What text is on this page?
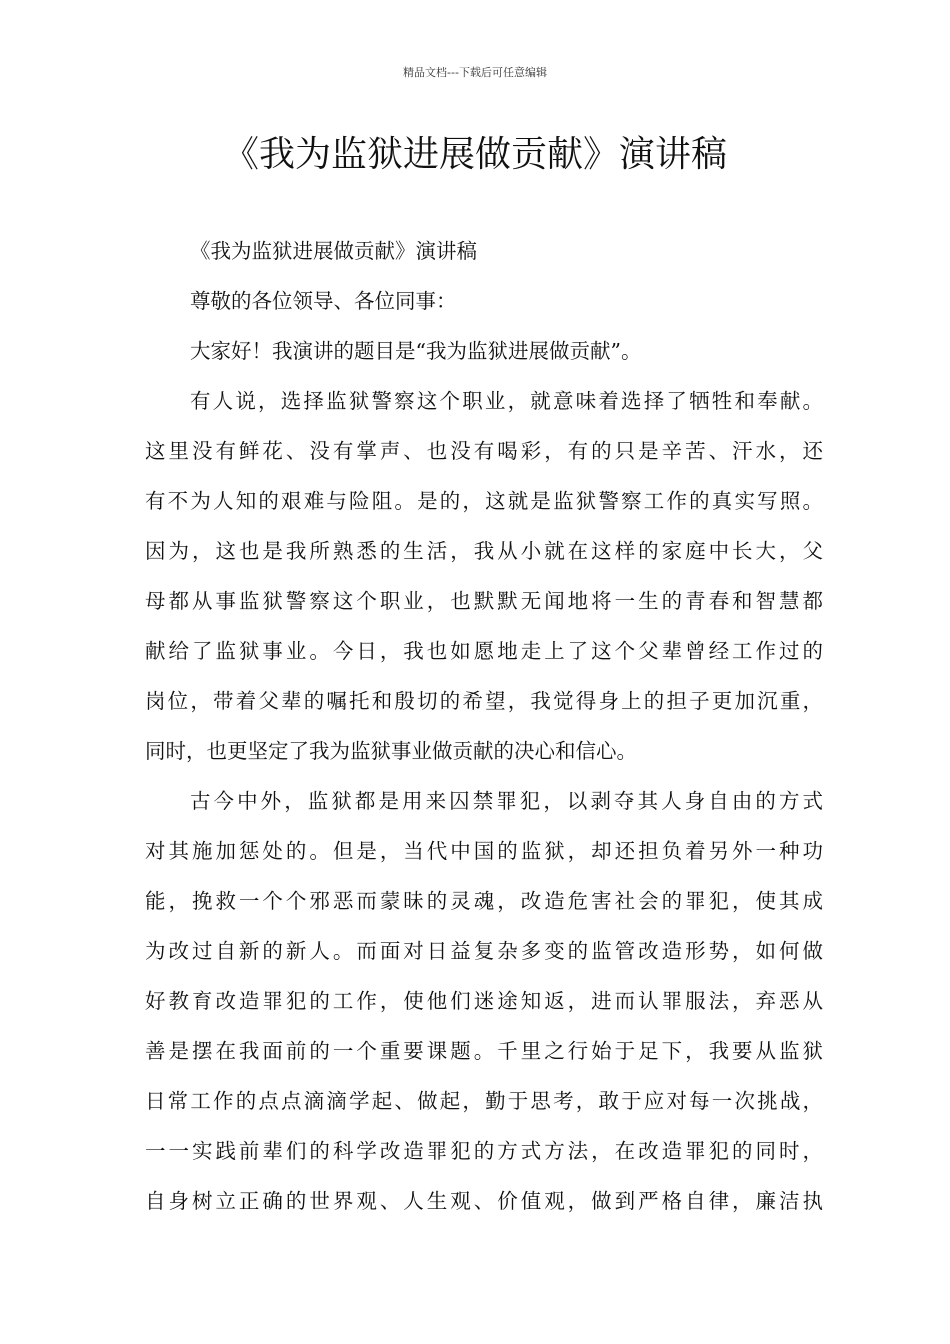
精品文档---下载后可任意编辑
《我为监狱进展做贡献》演讲稿
《我为监狱进展做贡献》演讲稿
尊敬的各位领导、各位同事：
大家好！我演讲的题目是“我为监狱进展做贡献”。
有人说，选择监狱警察这个职业，就意味着选择了牺牲和奉献。
这里没有鲜花、没有掌声、也没有喝彩，有的只是辛苦、汗水，还
有不为人知的艰难与险阻。是的，这就是监狱警察工作的真实写照。
因为，这也是我所熟悉的生活，我从小就在这样的家庭中长大，父
母都从事监狱警察这个职业，也默默无闻地将一生的青春和智慧都
献给了监狱事业。今日，我也如愿地走上了这个父辈曾经工作过的
岗位，带着父辈的嘱托和殷切的希望，我觉得身上的担子更加沉重，
同时，也更坚定了我为监狱事业做贡献的决心和信心。
古今中外，监狱都是用来囚禁罪犯，以剥夺其人身自由的方式
对其施加惩处的。但是，当代中国的监狱，却还担负着另外一种功
能，挽救一个个邪恶而蒙昧的灵魂，改造危害社会的罪犯，使其成
为改过自新的新人。而面对日益复杂多变的监管改造形势，如何做
好教育改造罪犯的工作，使他们迷途知返，进而认罪服法，弃恶从
善是摆在我面前的一个重要课题。千里之行始于足下，我要从监狱
日常工作的点点滴滴学起、做起，勤于思考，敢于应对每一次挑战，
一一实践前辈们的科学改造罪犯的方式方法，在改造罪犯的同时，
自身树立正确的世界观、人生观、价值观，做到严格自律，廉洁执
